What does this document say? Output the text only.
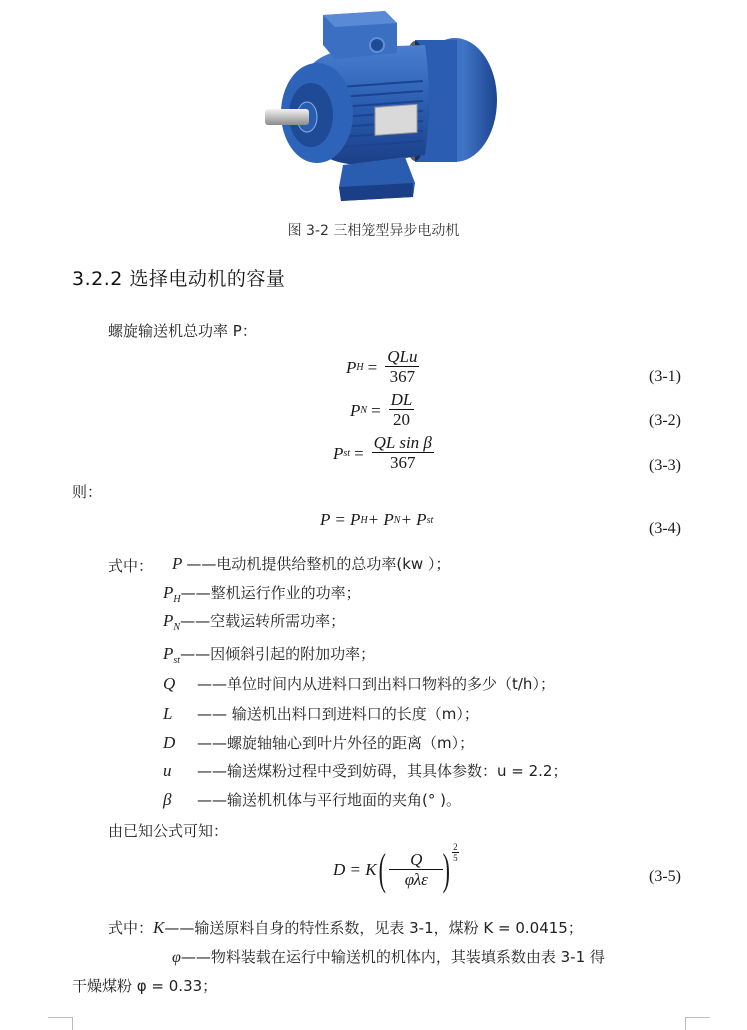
图 3-2 三相笼型异步电动机
3.2.2 选择电动机的容量
螺旋输送机总功率 P：
P $H = \frac{\text{QLu}}{367}$	(3-1)
P $N = \frac{DL}{20}$	(3-2)
P st = $\frac{\text{QL sin β}}{367}$	(3-3)
则：
P = P H + P N + P st	(3-4)
式中： P ——电动机提供给整机的总功率(kw ）；
$P_H——$整机运行作业的功率；
$P_N——$空载运转所需功率；
$P_{st}——$因倾斜引起的附加功率；
Q ——单位时间内从进料口到出料口物料的多少（t/h）；
L —— 输送机出料口到进料口的长度（m）；
D ——螺旋轴轴心到叶片外径的距离（m）；
u ——输送煤粉过程中受到妨碍，其具体参数：u = 2.2；
β ——输送机机体与平行地面的夹角(° )。
由已知公式可知：
D = K ( $\frac{Q}{\text{φλε}}$ ) 2
5
(3-5)
式中：K——输送原料自身的特性系数，见表 3-1，煤粉 K = 0.0415；
φ——物料装载在运行中输送机的机体内，其装填系数由表 3-1 得
干燥煤粉 φ = 0.33；
